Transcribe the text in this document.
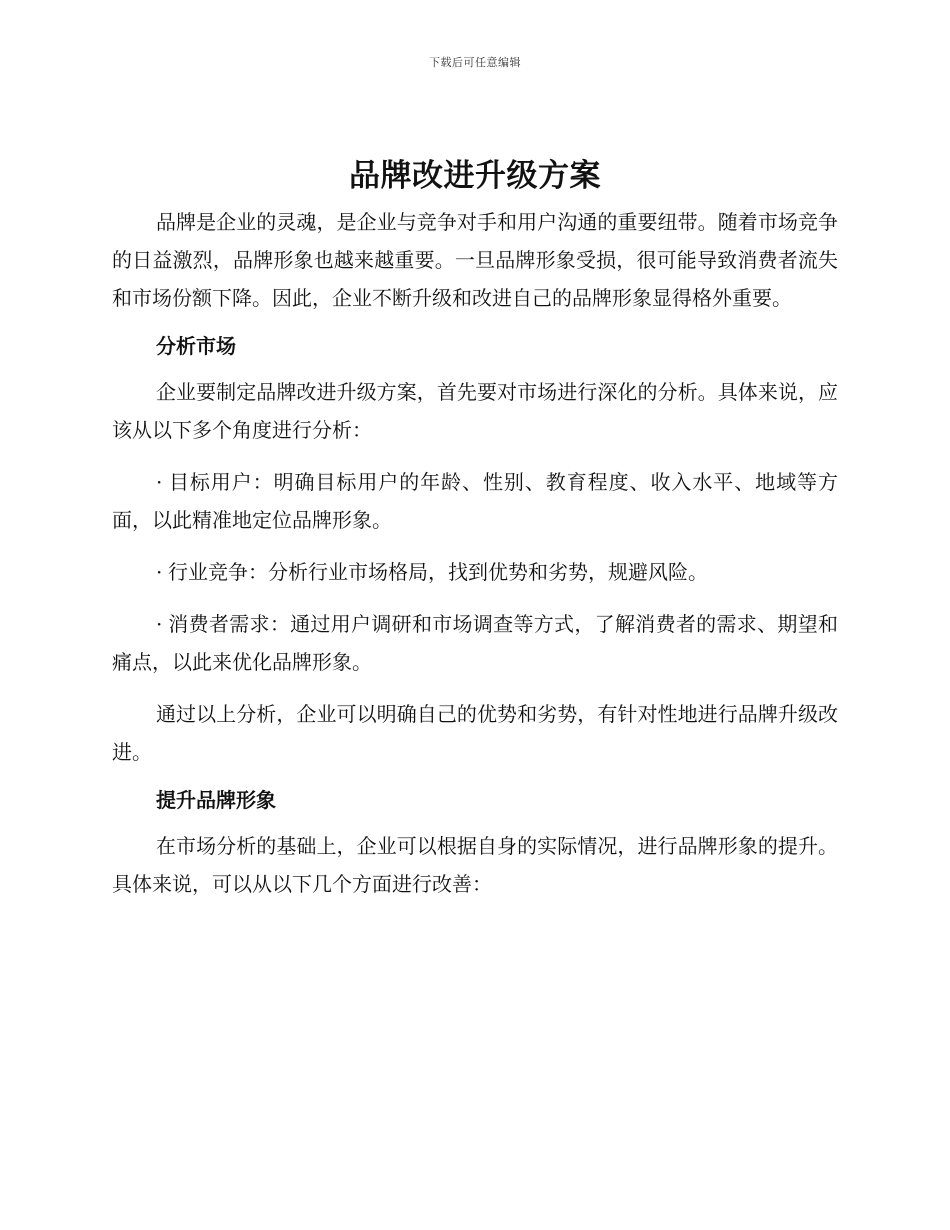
下载后可任意编辑
品牌改进升级方案

品牌是企业的灵魂，是企业与竞争对手和用户沟通的重要纽带。随着市场竞争的日益激烈，品牌形象也越来越重要。一旦品牌形象受损，很可能导致消费者流失和市场份额下降。因此，企业不断升级和改进自己的品牌形象显得格外重要。

分析市场

企业要制定品牌改进升级方案，首先要对市场进行深化的分析。具体来说，应该从以下多个角度进行分析：

· 目标用户：明确目标用户的年龄、性别、教育程度、收入水平、地域等方面，以此精准地定位品牌形象。

· 行业竞争：分析行业市场格局，找到优势和劣势，规避风险。

· 消费者需求：通过用户调研和市场调查等方式，了解消费者的需求、期望和痛点，以此来优化品牌形象。

通过以上分析，企业可以明确自己的优势和劣势，有针对性地进行品牌升级改进。

提升品牌形象

在市场分析的基础上，企业可以根据自身的实际情况，进行品牌形象的提升。具体来说，可以从以下几个方面进行改善：
